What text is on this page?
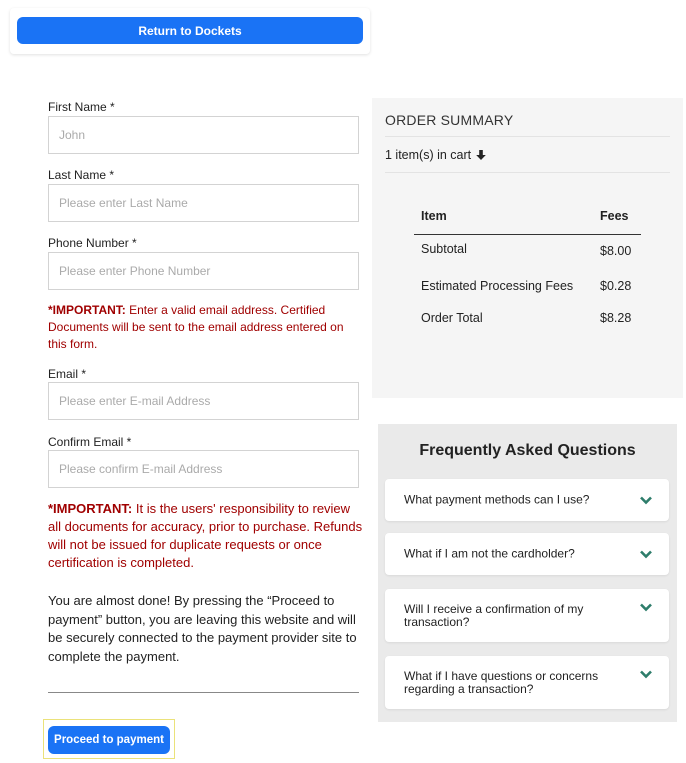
Return to Dockets
First Name *
John
Last Name *
Please enter Last Name
Phone Number *
Please enter Phone Number
*IMPORTANT: Enter a valid email address. Certified Documents will be sent to the email address entered on this form.
Email *
Please enter E-mail Address
Confirm Email *
Please confirm E-mail Address
*IMPORTANT: It is the users' responsibility to review all documents for accuracy, prior to purchase. Refunds will not be issued for duplicate requests or once certification is completed.
You are almost done! By pressing the “Proceed to payment” button, you are leaving this website and will be securely connected to the payment provider site to complete the payment.
Proceed to payment
ORDER SUMMARY
1 item(s) in cart
Item	Fees
Subtotal	$8.00
Estimated Processing Fees $0.28
Order Total	$8.28
Frequently Asked Questions
What payment methods can I use?
What if I am not the cardholder?
Will I receive a confirmation of my transaction?
What if I have questions or concerns regarding a transaction?
